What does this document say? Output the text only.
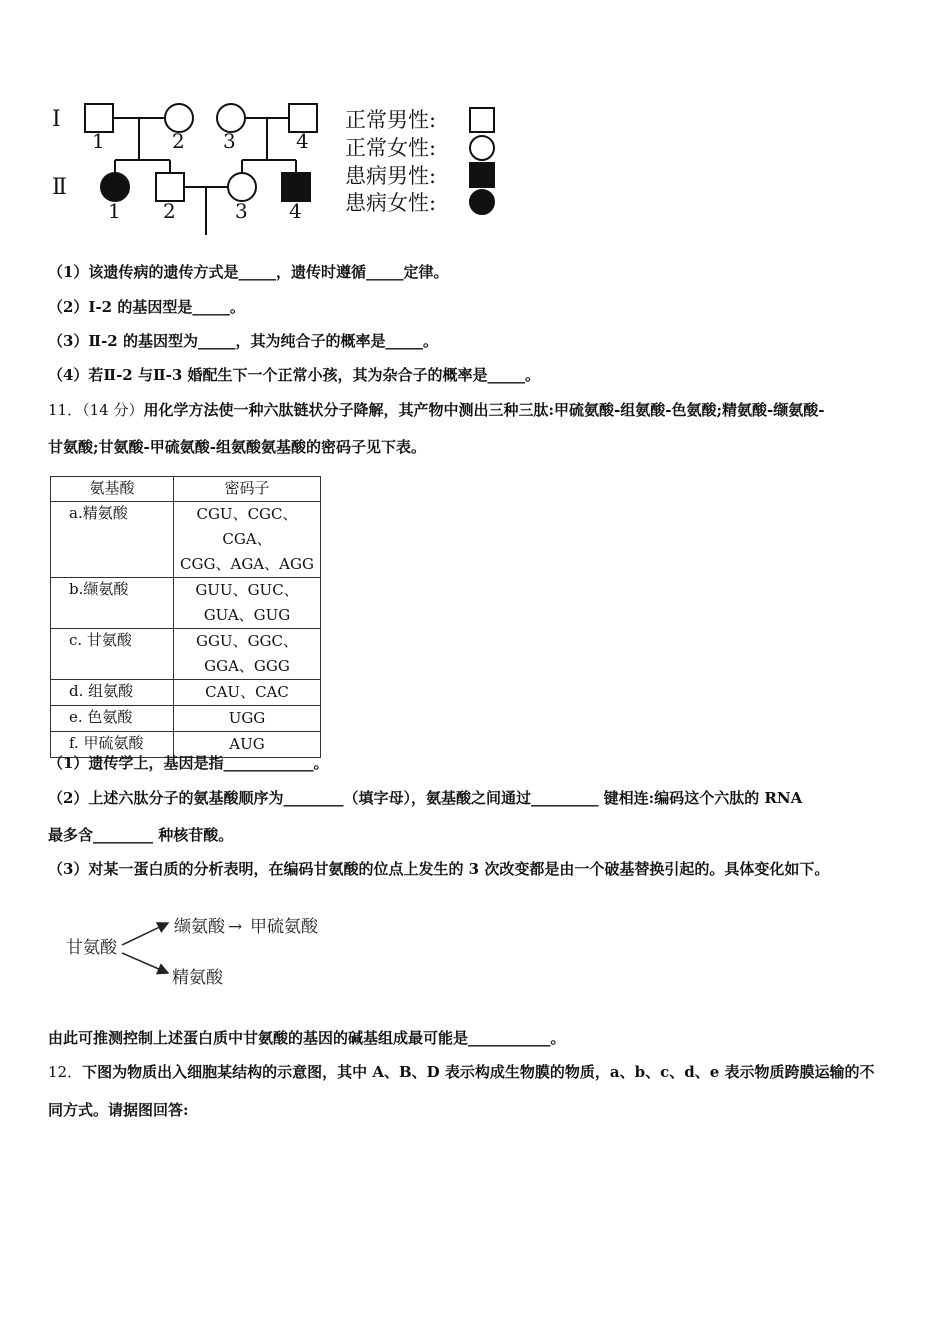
Ⅰ
Ⅱ
1	2 3	4
1 2	3 4
正常男性:
正常女性:
患病男性:
患病女性:
（1）该遗传病的遗传方式是_____，遗传时遵循_____定律。
（2）Ⅰ-2 的基因型是_____。
（3）Ⅱ-2 的基因型为_____，其为纯合子的概率是_____。
（4）若Ⅱ-2 与Ⅱ-3 婚配生下一个正常小孩，其为杂合子的概率是_____。
11．（14 分）用化学方法使一种六肽链状分子降解，其产物中测出三种三肽:甲硫氨酸-组氨酸-色氨酸;精氨酸-缬氨酸-
甘氨酸;甘氨酸-甲硫氨酸-组氨酸氨基酸的密码子见下表。
氨基酸	密码子
a.精氨酸	CGU、CGC、CGA、
CGG、AGA、AGG

b.缬氨酸	GUU、GUC、
GUA、GUG

c. 甘氨酸	GGU、GGC、
GGA、GGG

d. 组氨酸	CAU、CAC
e. 色氨酸	UGG
f. 甲硫氨酸	AUG
（1）遗传学上，基因是指____________。
（2）上述六肽分子的氨基酸顺序为________（填字母），氨基酸之间通过_________ 键相连:编码这个六肽的 RNA
最多含________ 种核苷酸。
（3）对某一蛋白质的分析表明，在编码甘氨酸的位点上发生的 3 次改变都是由一个破基替换引起的。具体变化如下。
甘氨酸
缬氨酸 → 甲硫氨酸
精氨酸
由此可推测控制上述蛋白质中甘氨酸的基因的碱基组成最可能是___________。
12．下图为物质出入细胞某结构的示意图，其中 A、B、D 表示构成生物膜的物质，a、b、c、d、e 表示物质跨膜运输的不
同方式。请据图回答:
